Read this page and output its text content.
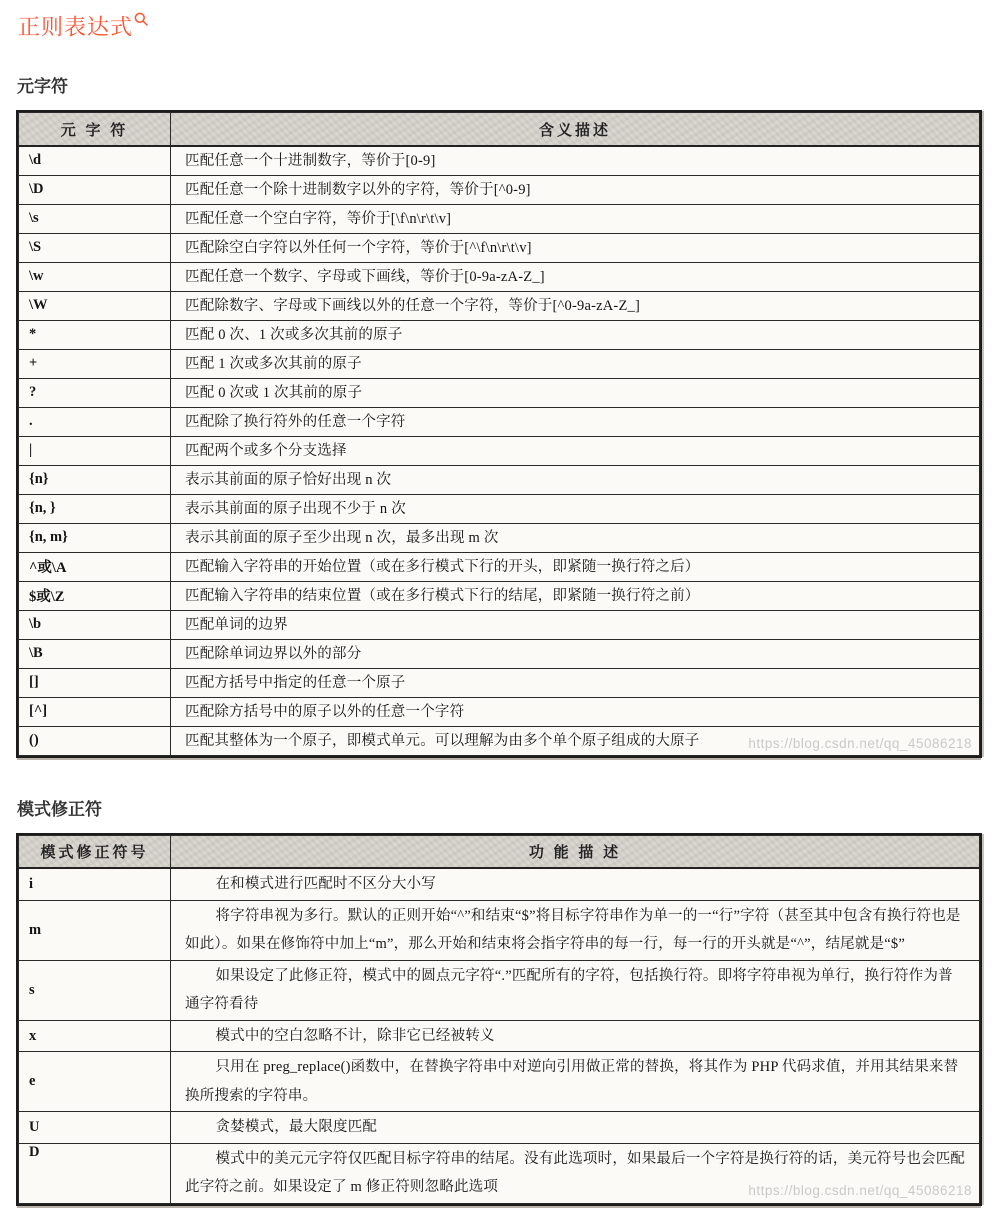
正则表达式
元字符
元 字 符	含义描述
\d	匹配任意一个十进制数字，等价于[0-9]

\D	匹配任意一个除十进制数字以外的字符，等价于[^0-9]

\s	匹配任意一个空白字符，等价于[\f\n\r\t\v]

\S	匹配除空白字符以外任何一个字符，等价于[^\f\n\r\t\v]

\w	匹配任意一个数字、字母或下画线，等价于[0-9a-zA-Z_]

\W	匹配除数字、字母或下画线以外的任意一个字符，等价于[^0-9a-zA-Z_]

*	匹配 0 次、1 次或多次其前的原子

+	匹配 1 次或多次其前的原子

?	匹配 0 次或 1 次其前的原子

.	匹配除了换行符外的任意一个字符

|	匹配两个或多个分支选择

{n}	表示其前面的原子恰好出现 n 次

{n, }	表示其前面的原子出现不少于 n 次

{n, m}	表示其前面的原子至少出现 n 次，最多出现 m 次

^或\A	匹配输入字符串的开始位置（或在多行模式下行的开头，即紧随一换行符之后）

$或\Z	匹配输入字符串的结束位置（或在多行模式下行的结尾，即紧随一换行符之前）

\b	匹配单词的边界

\B	匹配除单词边界以外的部分

[]	匹配方括号中指定的任意一个原子

[^]	匹配除方括号中的原子以外的任意一个字符

()	匹配其整体为一个原子，即模式单元。可以理解为由多个单个原子组成的大原子	https://blog.csdn.net/qq_45086218
模式修正符
模式修正符号	功 能 描 述
i	在和模式进行匹配时不区分大小写

m	将字符串视为多行。默认的正则开始“^”和结束“$”将目标字符串作为单一的一“行”字符（甚至其中包含有换行符也是如此）。如果在修饰符中加上“m”，那么开始和结束将会指字符串的每一行，每一行的开头就是“^”，结尾就是“$”

s	如果设定了此修正符，模式中的圆点元字符“.”匹配所有的字符，包括换行符。即将字符串视为单行，换行符作为普通字符看待

x	模式中的空白忽略不计，除非它已经被转义

e	只用在 preg_replace()函数中，在替换字符串中对逆向引用做正常的替换，将其作为 PHP 代码求值，并用其结果来替换所搜索的字符串。

U	贪婪模式，最大限度匹配

D	模式中的美元元字符仅匹配目标字符串的结尾。没有此选项时，如果最后一个字符是换行符的话，美元符号也会匹配此字符之前。如果设定了 m 修正符则忽略此选项	https://blog.csdn.net/qq_45086218
